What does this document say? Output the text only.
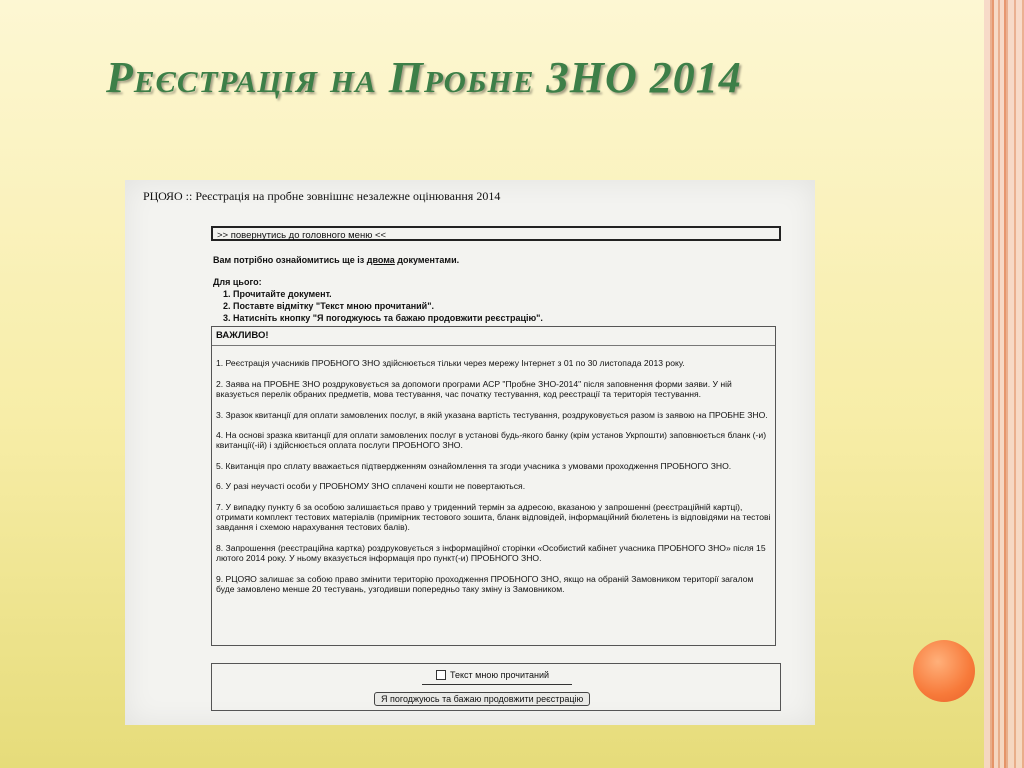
Реєстрація на Пробне ЗНО 2014
РЦОЯО :: Реєстрація на пробне зовнішнє незалежне оцінювання 2014
>> повернутись до головного меню <<
Вам потрібно ознайомитись ще із двома документами.
Для цього:
1. Прочитайте документ.
2. Поставте відмітку "Текст мною прочитаний".
3. Натисніть кнопку "Я погоджуюсь та бажаю продовжити реєстрацію".
ВАЖЛИВО!
1. Реєстрація учасників ПРОБНОГО ЗНО здійснюється тільки через мережу Інтернет з 01 по 30 листопада 2013 року.
2. Заява на ПРОБНЕ ЗНО роздруковується за допомоги програми АСР "Пробне ЗНО-2014" після заповнення форми заяви. У ній вказується перелік обраних предметів, мова тестування, час початку тестування, код реєстрації та територія тестування.
3. Зразок квитанції для оплати замовлених послуг, в якій указана вартість тестування, роздруковується разом із заявою на ПРОБНЕ ЗНО.
4. На основі зразка квитанції для оплати замовлених послуг в установі будь-якого банку (крім установ Укрпошти) заповнюється бланк (-и) квитанції(-ій) і здійснюється оплата послуги ПРОБНОГО ЗНО.
5. Квитанція про сплату вважається підтвердженням ознайомлення та згоди учасника з умовами проходження ПРОБНОГО ЗНО.
6. У разі неучасті особи у ПРОБНОМУ ЗНО сплачені кошти не повертаються.
7. У випадку пункту 6 за особою залишається право у триденний термін за адресою, вказаною у запрошенні (реєстраційній картці), отримати комплект тестових матеріалів (примірник тестового зошита, бланк відповідей, інформаційний бюлетень із відповідями на тестові завдання і схемою нарахування тестових балів).
8. Запрошення (реєстраційна картка) роздруковується з інформаційної сторінки «Особистий кабінет учасника ПРОБНОГО ЗНО» після 15 лютого 2014 року. У ньому вказується інформація про пункт(-и) ПРОБНОГО ЗНО.
9. РЦОЯО залишає за собою право змінити територію проходження ПРОБНОГО ЗНО, якщо на обраній Замовником території загалом буде замовлено менше 20 тестувань, узгодивши попередньо таку зміну із Замовником.
Текст мною прочитаний
Я погоджуюсь та бажаю продовжити реєстрацію
